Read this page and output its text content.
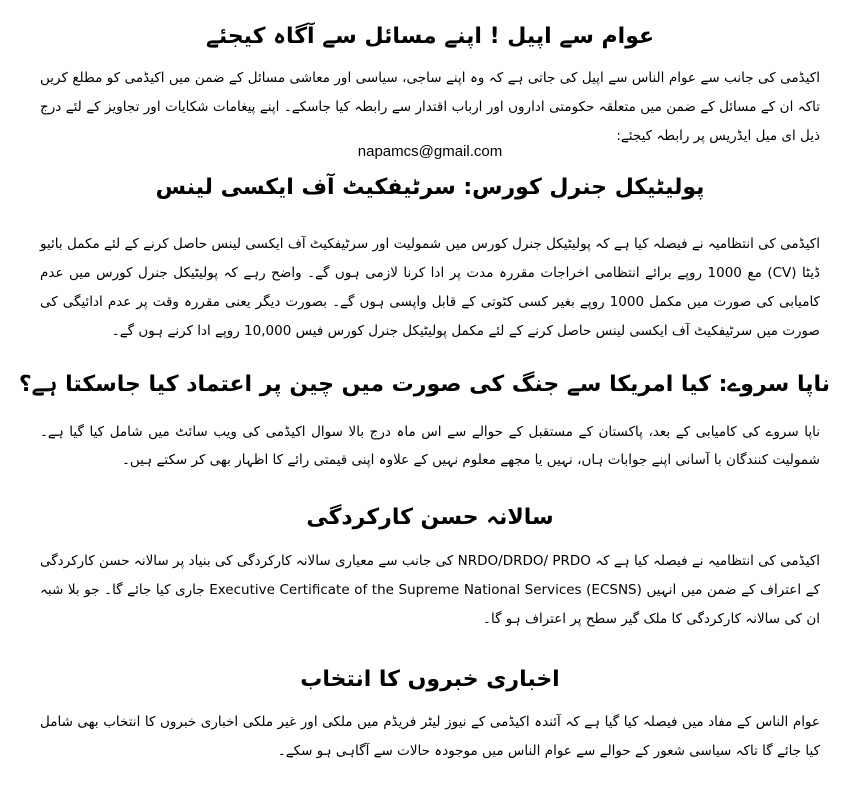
عوام سے اپیل ! اپنے مسائل سے آگاہ کیجئے
اکیڈمی کی جانب سے عوام الناس سے اپیل کی جاتی ہے کہ وہ اپنے ساجی، سیاسی اور معاشی مسائل کے ضمن میں اکیڈمی کو مطلع کریں تاکہ ان کے مسائل کے ضمن میں متعلقہ حکومتی اداروں اور ارباب اقتدار سے رابطہ کیا جاسکے۔ اپنے پیغامات شکایات اور تجاویز کے لئے درج ذیل ای میل ایڈریس پر رابطہ کیجئے:
napamcs@gmail.com
پولیٹیکل جنرل کورس: سرٹیفکیٹ آف ایکسی لینس
اکیڈمی کی انتظامیہ نے فیصلہ کیا ہے کہ پولیٹیکل جنرل کورس میں شمولیت اور سرٹیفکیٹ آف ایکسی لینس حاصل کرنے کے لئے مکمل بائیو ڈیٹا (CV) مع 1000 روپے برائے انتظامی اخراجات مقررہ مدت پر ادا کرنا لازمی ہوں گے۔ واضح رہے کہ پولیٹیکل جنرل کورس میں عدم کامیابی کی صورت میں مکمل 1000 روپے بغیر کسی کٹوتی کے قابل واپسی ہوں گے۔ بصورت دیگر یعنی مقررہ وقت پر عدم ادائیگی کی صورت میں سرٹیفکیٹ آف ایکسی لینس حاصل کرنے کے لئے مکمل پولیٹیکل جنرل کورس فیس 10,000 روپے ادا کرنے ہوں گے۔
ناپا سروے: کیا امریکا سے جنگ کی صورت میں چین پر اعتماد کیا جاسکتا ہے؟
ناپا سروے کی کامیابی کے بعد، پاکستان کے مستقبل کے حوالے سے اس ماہ درج بالا سوال اکیڈمی کی ویب سائٹ میں شامل کیا گیا ہے۔ شمولیت کنندگان با آسانی اپنے جوابات ہاں، نہیں یا مجھے معلوم نہیں کے علاوہ اپنی قیمتی رائے کا اظہار بھی کر سکتے ہیں۔
سالانہ حسن کارکردگی
اکیڈمی کی انتظامیہ نے فیصلہ کیا ہے کہ NRDO/DRDO/ PRDO کی جانب سے معیاری سالانہ کارکردگی کی بنیاد پر سالانہ حسن کارکردگی کے اعتراف کے ضمن میں انہیں Executive Certificate of the Supreme National Services (ECSNS) جاری کیا جائے گا۔ جو بلا شبہ ان کی سالانہ کارکردگی کا ملک گیر سطح پر اعتراف ہو گا۔
اخباری خبروں کا انتخاب
عوام الناس کے مفاد میں فیصلہ کیا گیا ہے کہ آئندہ اکیڈمی کے نیوز لیٹر فریڈم میں ملکی اور غیر ملکی اخباری خبروں کا انتخاب بھی شامل کیا جائے گا تاکہ سیاسی شعور کے حوالے سے عوام الناس میں موجودہ حالات سے آگاہی ہو سکے۔
